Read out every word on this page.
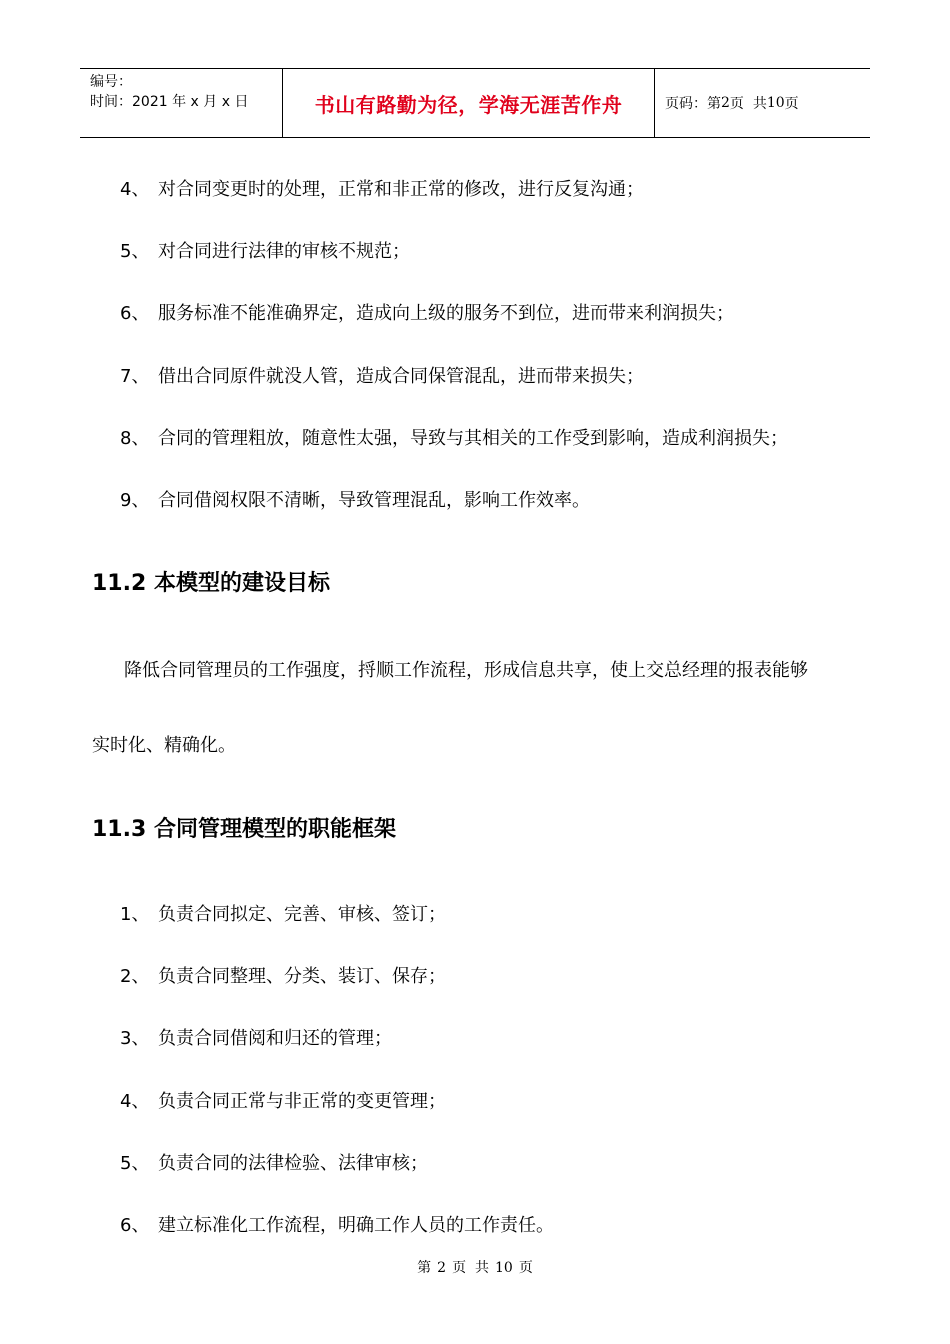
编号：
时间：2021 年 x 月 x 日	书山有路勤为径，学海无涯苦作舟	页码：第 2 页  共 10 页
4、 对合同变更时的处理，正常和非正常的修改，进行反复沟通；
5、 对合同进行法律的审核不规范；
6、 服务标准不能准确界定，造成向上级的服务不到位，进而带来利润损失；
7、 借出合同原件就没人管，造成合同保管混乱，进而带来损失；
8、 合同的管理粗放，随意性太强，导致与其相关的工作受到影响，造成利润损失；
9、 合同借阅权限不清晰，导致管理混乱，影响工作效率。
11.2 本模型的建设目标
降低合同管理员的工作强度，捋顺工作流程，形成信息共享，使上交总经理的报表能够
实时化、精确化。
11.3 合同管理模型的职能框架
1、 负责合同拟定、完善、审核、签订；
2、 负责合同整理、分类、装订、保存；
3、 负责合同借阅和归还的管理；
4、 负责合同正常与非正常的变更管理；
5、 负责合同的法律检验、法律审核；
6、 建立标准化工作流程，明确工作人员的工作责任。
第 2 页  共 10 页
